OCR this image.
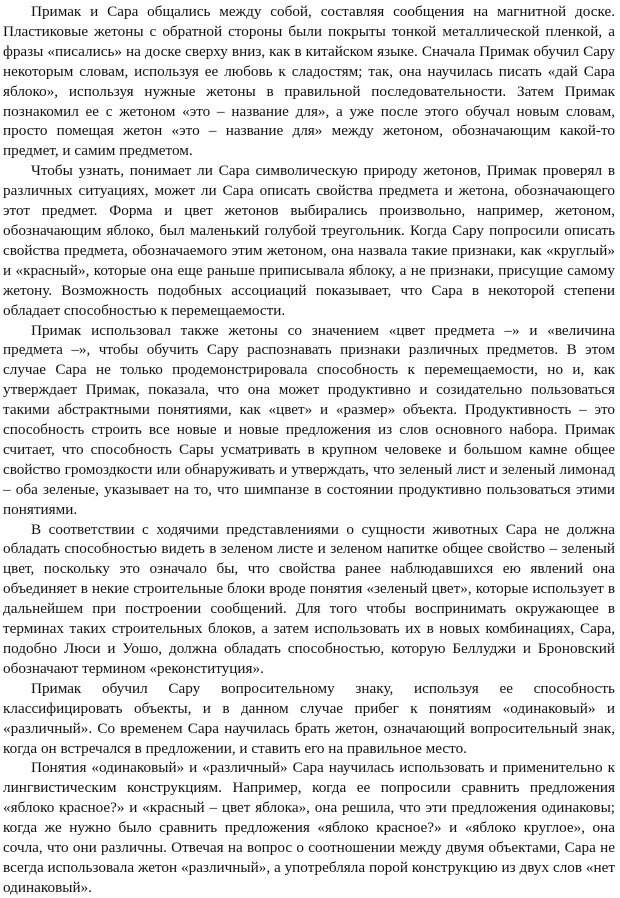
Примак и Сара общались между собой, составляя сообщения на магнитной доске. Пластиковые жетоны с обратной стороны были покрыты тонкой металлической пленкой, а фразы «писались» на доске сверху вниз, как в китайском языке. Сначала Примак обучил Сару некоторым словам, используя ее любовь к сладостям; так, она научилась писать «дай Сара яблоко», используя нужные жетоны в правильной последовательности. Затем Примак познакомил ее с жетоном «это – название для», а уже после этого обучал новым словам, просто помещая жетон «это – название для» между жетоном, обозначающим какой-то предмет, и самим предметом.

Чтобы узнать, понимает ли Сара символическую природу жетонов, Примак проверял в различных ситуациях, может ли Сара описать свойства предмета и жетона, обозначающего этот предмет. Форма и цвет жетонов выбирались произвольно, например, жетоном, обозначающим яблоко, был маленький голубой треугольник. Когда Сару попросили описать свойства предмета, обозначаемого этим жетоном, она назвала такие признаки, как «круглый» и «красный», которые она еще раньше приписывала яблоку, а не признаки, присущие самому жетону. Возможность подобных ассоциаций показывает, что Сара в некоторой степени обладает способностью к перемещаемости.

Примак использовал также жетоны со значением «цвет предмета –» и «величина предмета –», чтобы обучить Сару распознавать признаки различных предметов. В этом случае Сара не только продемонстрировала способность к перемещаемости, но и, как утверждает Примак, показала, что она может продуктивно и созидательно пользоваться такими абстрактными понятиями, как «цвет» и «размер» объекта. Продуктивность – это способность строить все новые и новые предложения из слов основного набора. Примак считает, что способность Сары усматривать в крупном человеке и большом камне общее свойство громоздкости или обнаруживать и утверждать, что зеленый лист и зеленый лимонад – оба зеленые, указывает на то, что шимпанзе в состоянии продуктивно пользоваться этими понятиями.

В соответствии с ходячими представлениями о сущности животных Сара не должна обладать способностью видеть в зеленом листе и зеленом напитке общее свойство – зеленый цвет, поскольку это означало бы, что свойства ранее наблюдавшихся ею явлений она объединяет в некие строительные блоки вроде понятия «зеленый цвет», которые использует в дальнейшем при построении сообщений. Для того чтобы воспринимать окружающее в терминах таких строительных блоков, а затем использовать их в новых комбинациях, Сара, подобно Люси и Уошо, должна обладать способностью, которую Беллуджи и Броновский обозначают термином «реконституция».

Примак обучил Сару вопросительному знаку, используя ее способность классифицировать объекты, и в данном случае прибег к понятиям «одинаковый» и «различный». Со временем Сара научилась брать жетон, означающий вопросительный знак, когда он встречался в предложении, и ставить его на правильное место.

Понятия «одинаковый» и «различный» Сара научилась использовать и применительно к лингвистическим конструкциям. Например, когда ее попросили сравнить предложения «яблоко красное?» и «красный – цвет яблока», она решила, что эти предложения одинаковы; когда же нужно было сравнить предложения «яблоко красное?» и «яблоко круглое», она сочла, что они различны. Отвечая на вопрос о соотношении между двумя объектами, Сара не всегда использовала жетон «различный», а употребляла порой конструкцию из двух слов «нет одинаковый».
